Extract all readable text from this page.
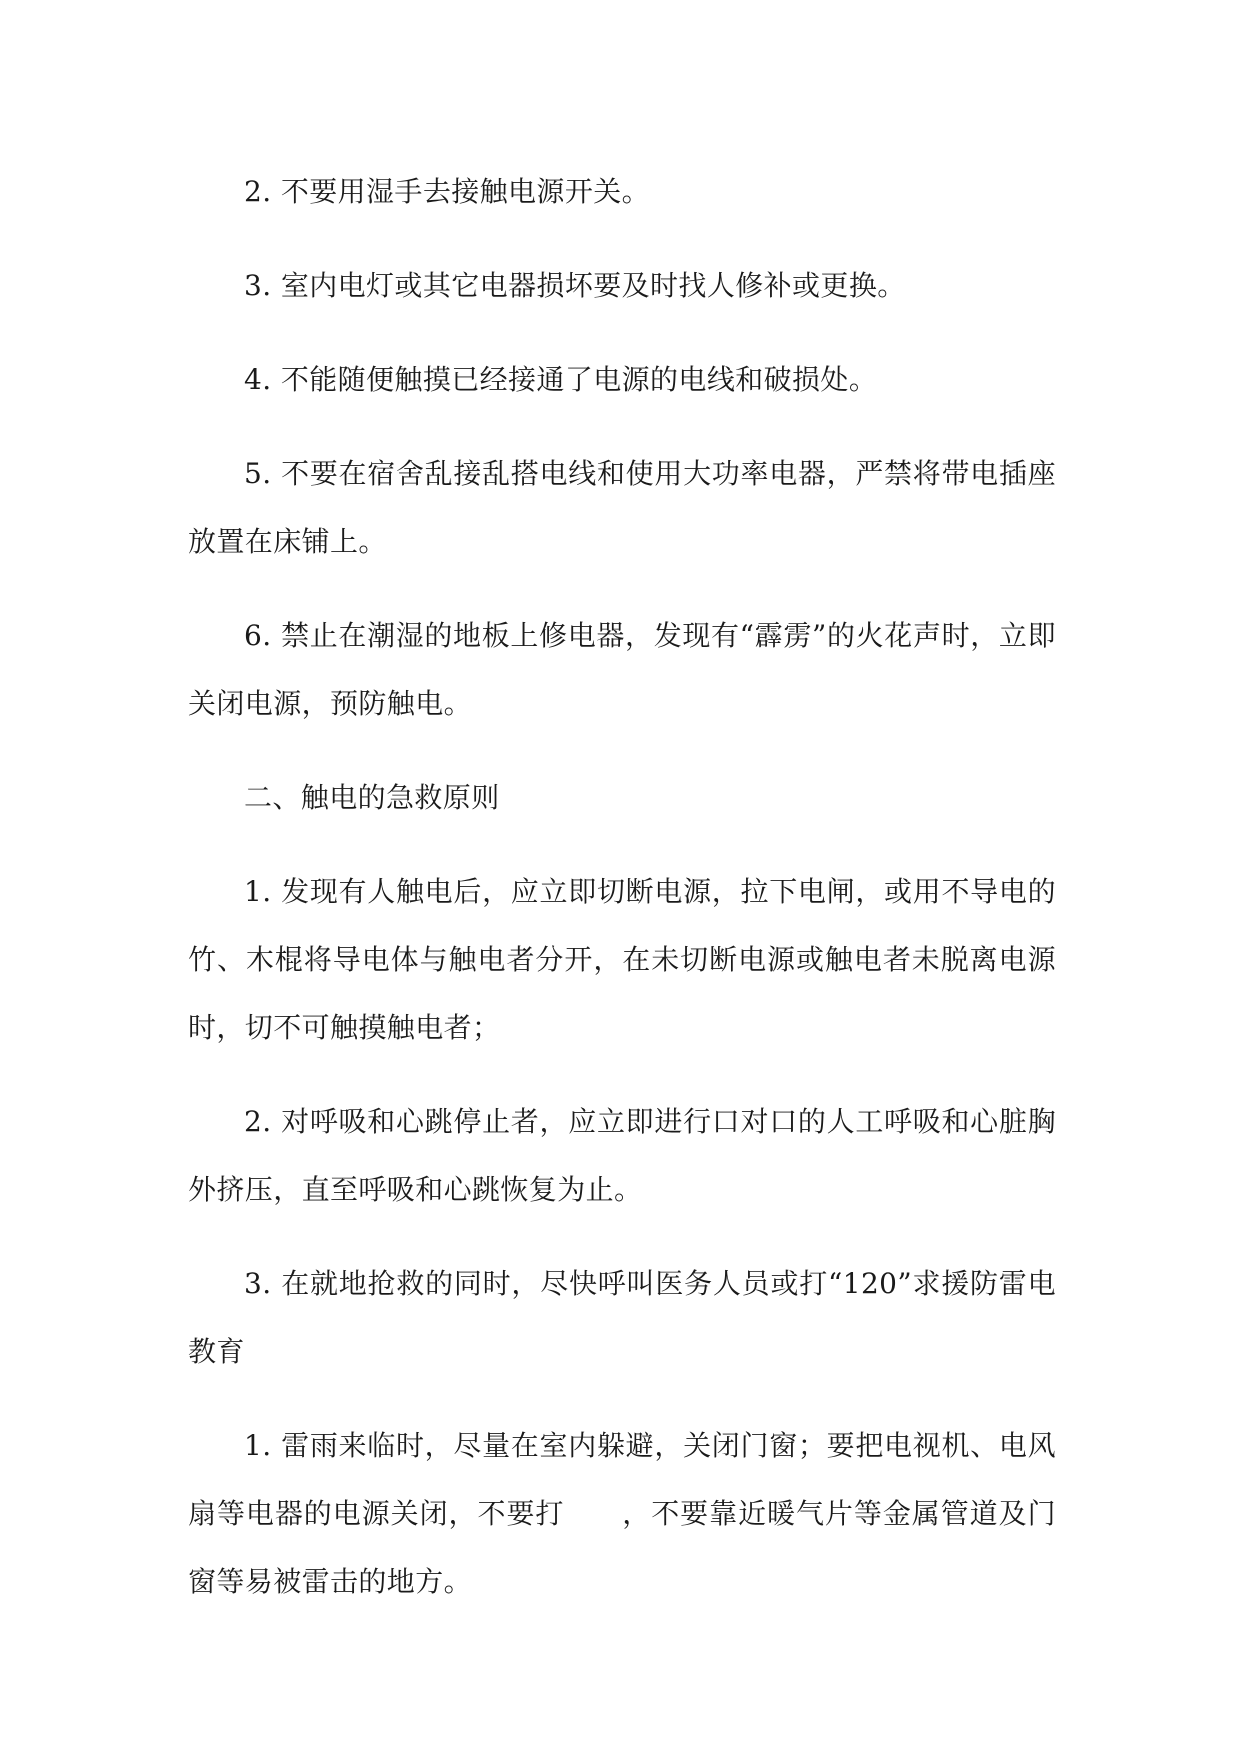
2. 不要用湿手去接触电源开关。

3. 室内电灯或其它电器损坏要及时找人修补或更换。

4. 不能随便触摸已经接通了电源的电线和破损处。

5. 不要在宿舍乱接乱搭电线和使用大功率电器，严禁将带电插座放置在床铺上。

6. 禁止在潮湿的地板上修电器，发现有“霹雳”的火花声时，立即关闭电源，预防触电。

二、触电的急救原则

1. 发现有人触电后，应立即切断电源，拉下电闸，或用不导电的竹、木棍将导电体与触电者分开，在未切断电源或触电者未脱离电源时，切不可触摸触电者；

2. 对呼吸和心跳停止者，应立即进行口对口的人工呼吸和心脏胸外挤压，直至呼吸和心跳恢复为止。

3. 在就地抢救的同时，尽快呼叫医务人员或打“120”求援防雷电教育

1. 雷雨来临时，尽量在室内躲避，关闭门窗；要把电视机、电风扇等电器的电源关闭，不要打　　，不要靠近暖气片等金属管道及门窗等易被雷击的地方。
